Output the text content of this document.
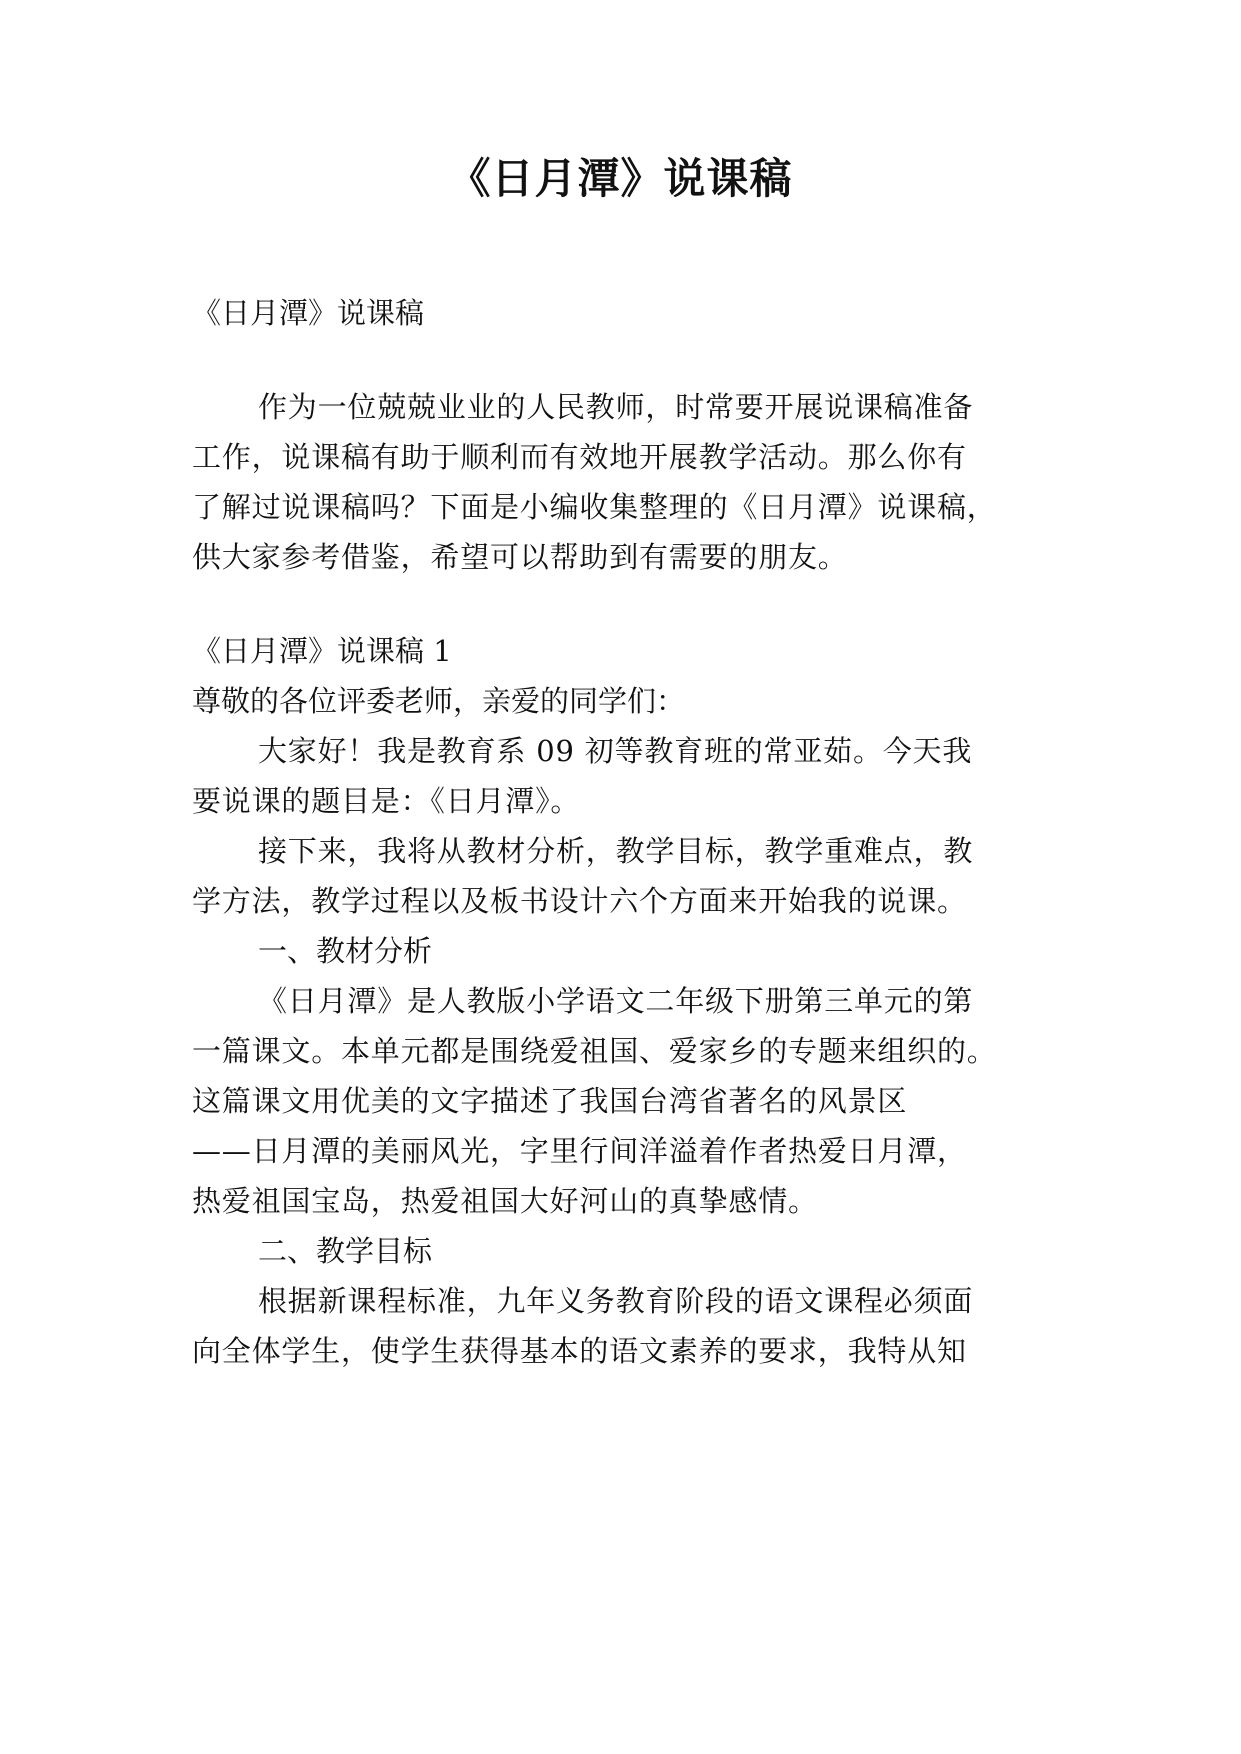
《日月潭》说课稿
《日月潭》说课稿
作为一位兢兢业业的人民教师，时常要开展说课稿准备
工作，说课稿有助于顺利而有效地开展教学活动。那么你有
了解过说课稿吗？下面是小编收集整理的《日月潭》说课稿，
供大家参考借鉴，希望可以帮助到有需要的朋友。
《日月潭》说课稿 1
尊敬的各位评委老师，亲爱的同学们：
大家好！我是教育系 09 初等教育班的常亚茹。今天我
要说课的题目是：《日月潭》。
接下来，我将从教材分析，教学目标，教学重难点，教
学方法，教学过程以及板书设计六个方面来开始我的说课。
一、教材分析
《日月潭》是人教版小学语文二年级下册第三单元的第
一篇课文。本单元都是围绕爱祖国、爱家乡的专题来组织的。
这篇课文用优美的文字描述了我国台湾省著名的风景区
——日月潭的美丽风光，字里行间洋溢着作者热爱日月潭，
热爱祖国宝岛，热爱祖国大好河山的真挚感情。
二、教学目标
根据新课程标准，九年义务教育阶段的语文课程必须面
向全体学生，使学生获得基本的语文素养的要求，我特从知
